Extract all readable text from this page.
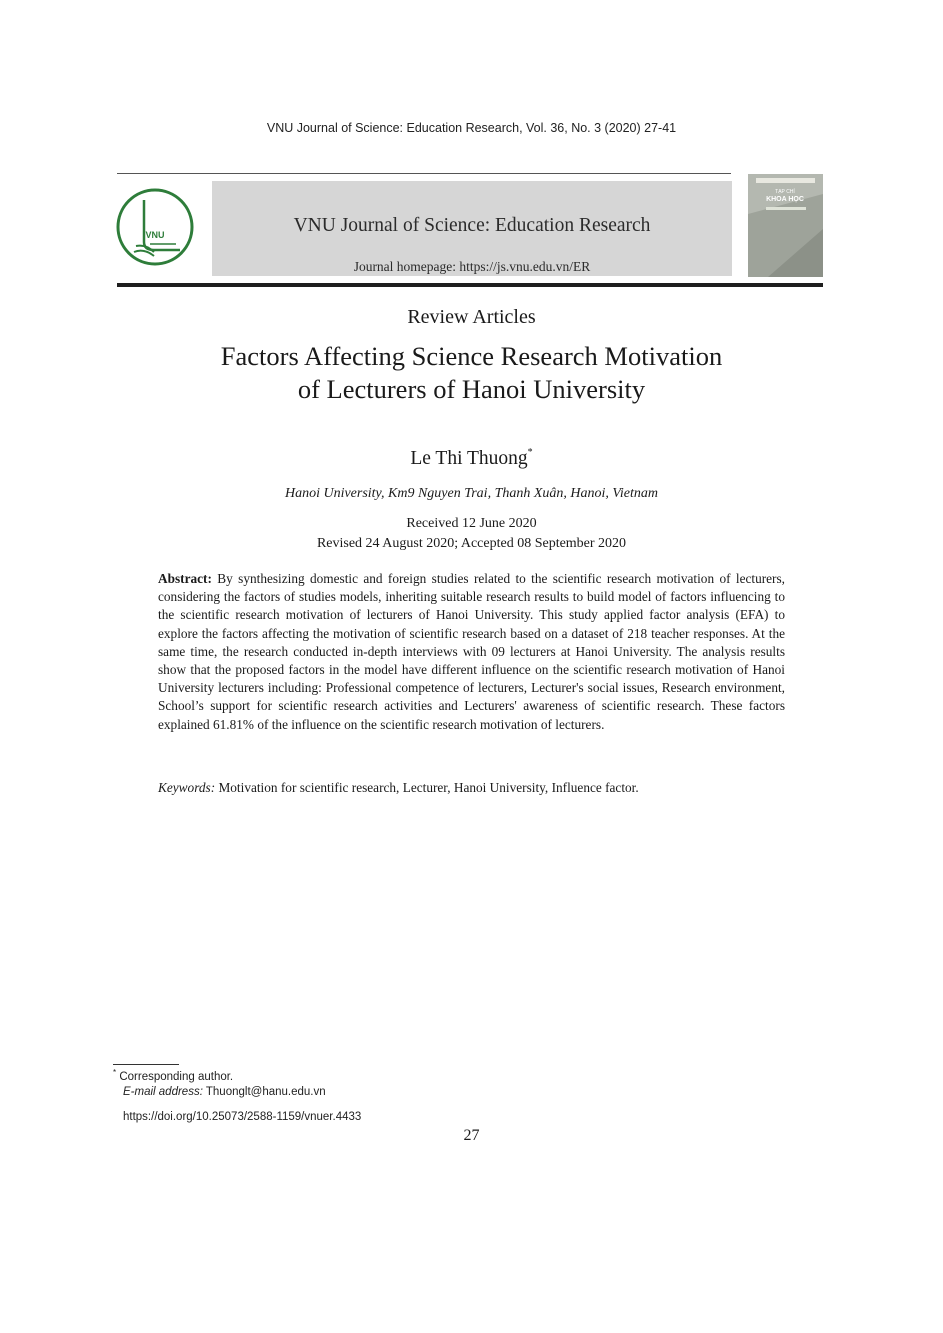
VNU Journal of Science: Education Research, Vol. 36, No. 3 (2020) 27-41
VNU	VNU Journal of Science: Education Research
Journal homepage: https://js.vnu.edu.vn/ER
TẠP CHÍ
KHOA HỌC
Review Articles
Factors Affecting Science Research Motivation
of Lecturers of Hanoi University
Le Thi Thuong*
Hanoi University, Km9 Nguyen Trai, Thanh Xuân, Hanoi, Vietnam
Received 12 June 2020
Revised 24 August 2020; Accepted 08 September 2020
Abstract: By synthesizing domestic and foreign studies related to the scientific research motivation of lecturers, considering the factors of studies models, inheriting suitable research results to build model of factors influencing to the scientific research motivation of lecturers of Hanoi University. This study applied factor analysis (EFA) to explore the factors affecting the motivation of scientific research based on a dataset of 218 teacher responses. At the same time, the research conducted in-depth interviews with 09 lecturers at Hanoi University. The analysis results show that the proposed factors in the model have different influence on the scientific research motivation of Hanoi University lecturers including: Professional competence of lecturers, Lecturer's social issues, Research environment, School’s support for scientific research activities and Lecturers' awareness of scientific research. These factors explained 61.81% of the influence on the scientific research motivation of lecturers.
Keywords: Motivation for scientific research, Lecturer, Hanoi University, Influence factor.
* Corresponding author.
E-mail address: Thuonglt@hanu.edu.vn
https://doi.org/10.25073/2588-1159/vnuer.4433
27
